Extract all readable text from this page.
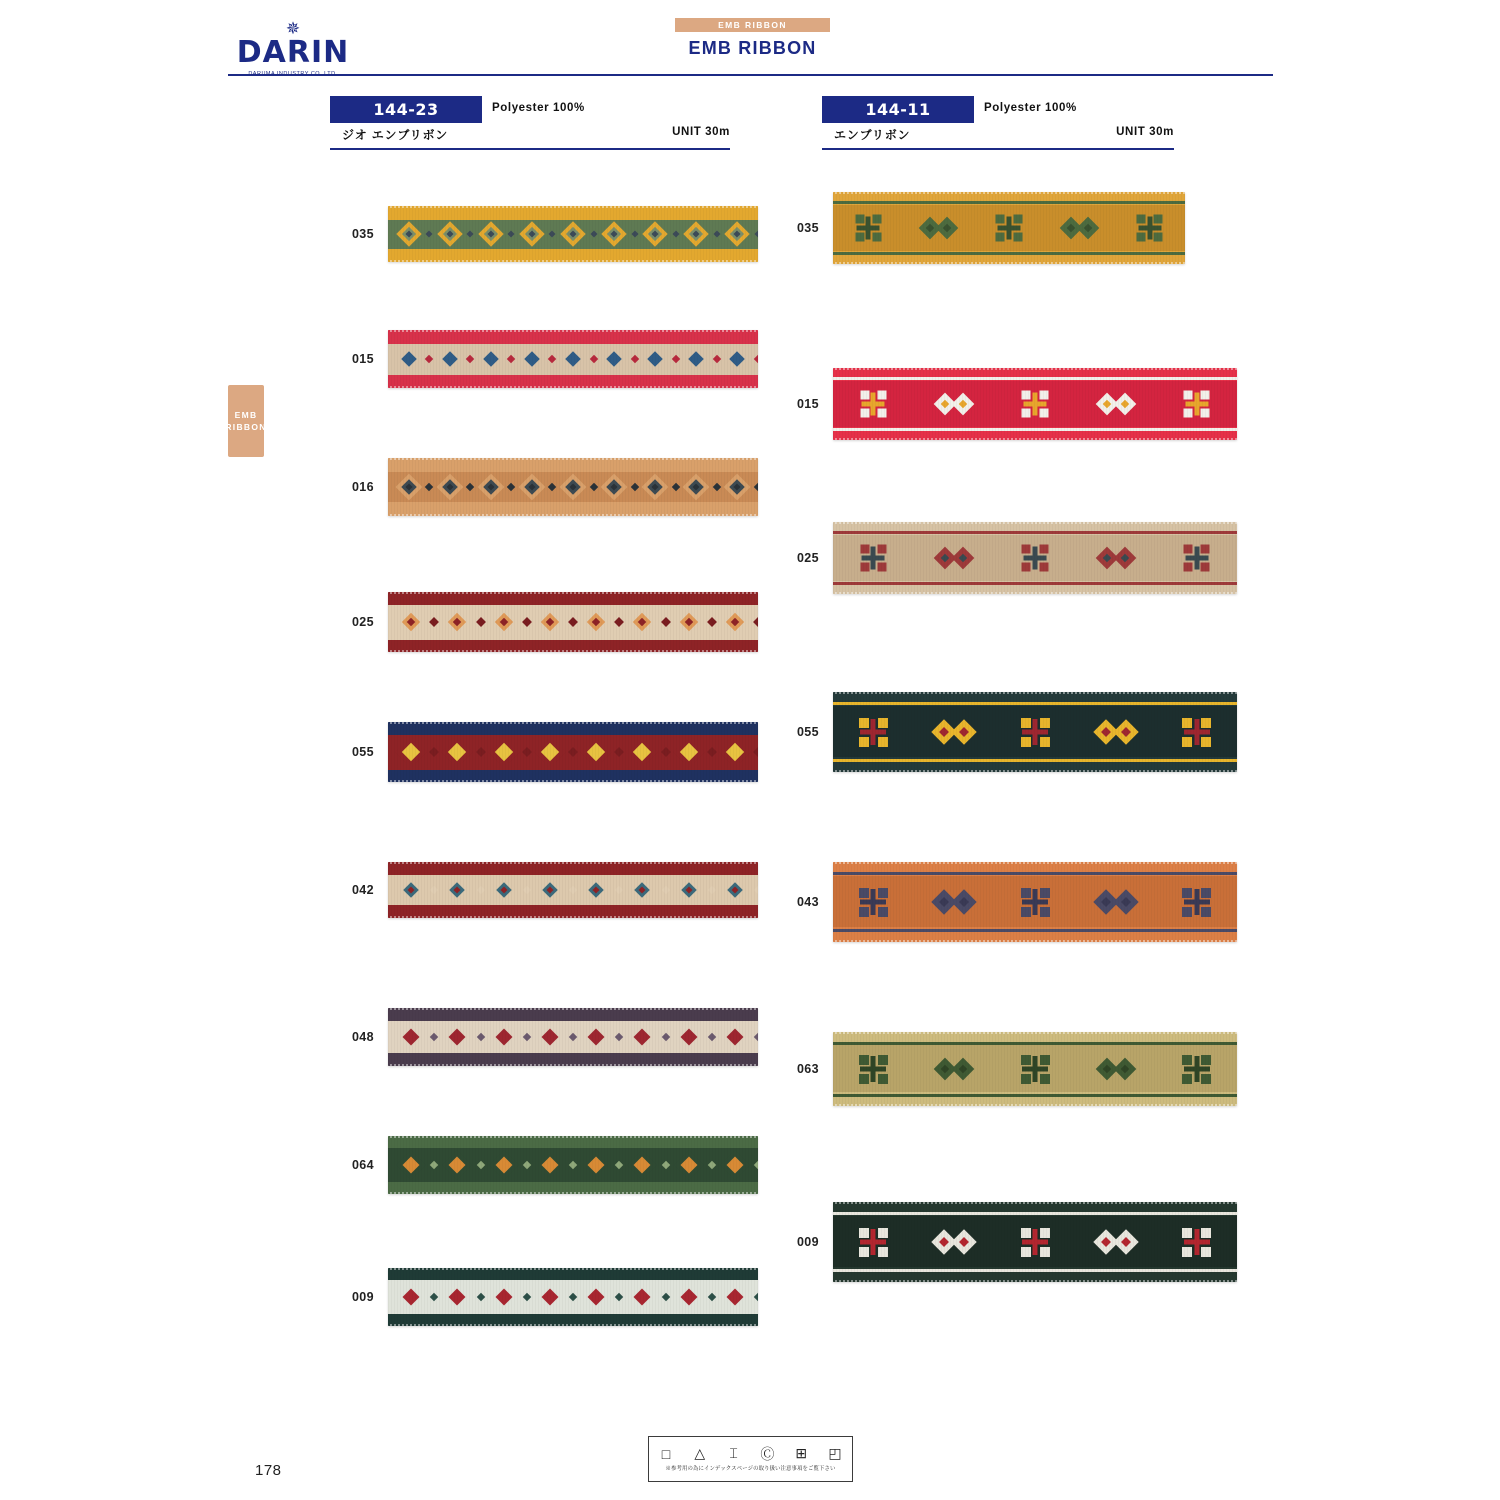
✵
DARIN
EMB RIBBON
EMB RIBBON
EMB
RIBBON
144-23	Polyester 100%
ジオ エンブリボン	UNIT 30m
035
015
016
025
055
042
048
064
009
144-11	Polyester 100%
エンブリボン	UNIT 30m
035
015
025
055
043
063
009
□	△	⌶	Ⓒ	⊞	◰
※参考用の為にインデックスページの取り扱い注意事項をご覧下さい
178
